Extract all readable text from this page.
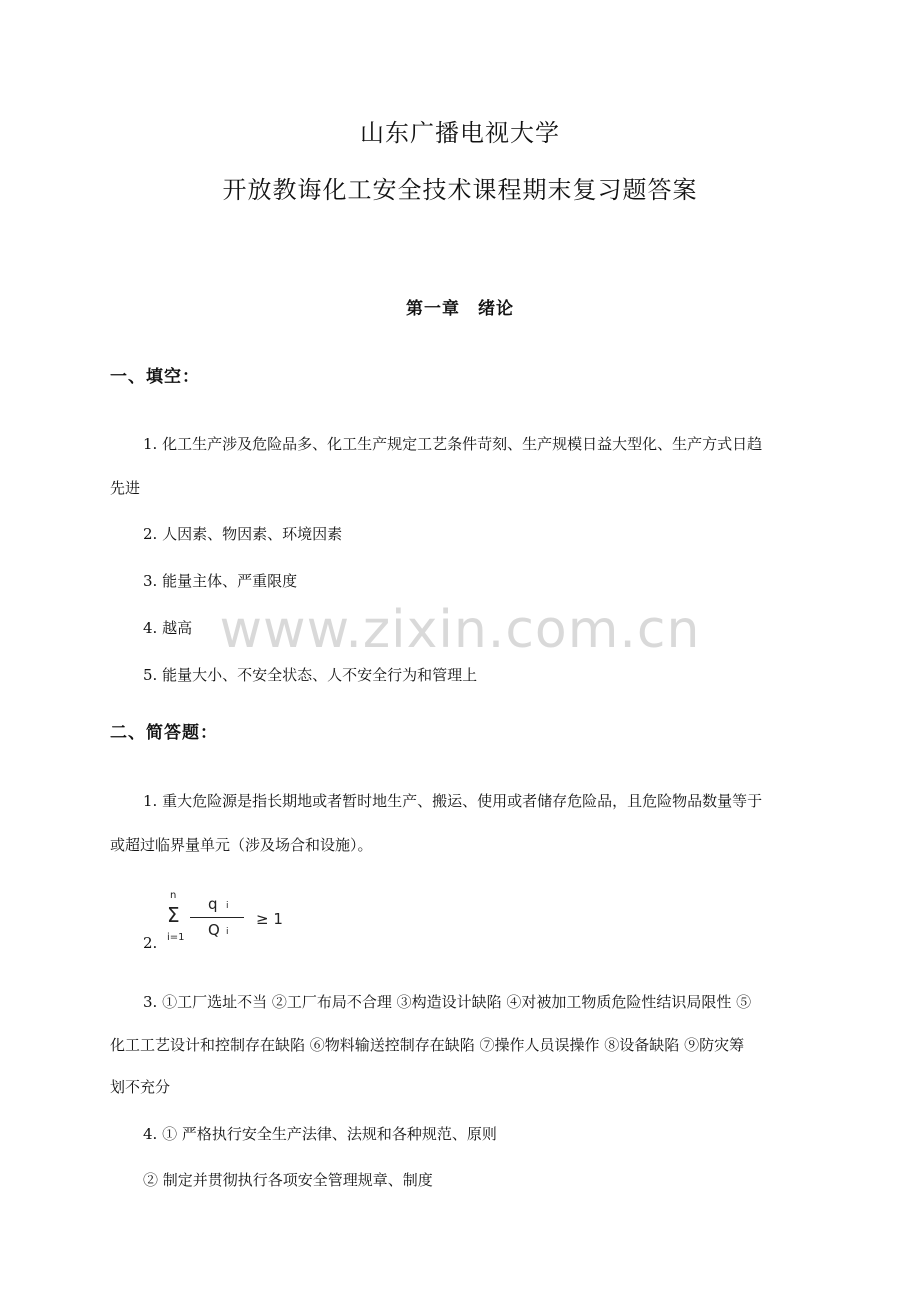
山东广播电视大学
开放教诲化工安全技术课程期末复习题答案
第一章　绪论
一、填空：
1. 化工生产涉及危险品多、化工生产规定工艺条件苛刻、生产规模日益大型化、生产方式日趋
先进
2. 人因素、物因素、环境因素
3. 能量主体、严重限度
4. 越高
5. 能量大小、不安全状态、人不安全行为和管理上
二、简答题：
1. 重大危险源是指长期地或者暂时地生产、搬运、使用或者储存危险品，且危险物品数量等于
或超过临界量单元（涉及场合和设施）。
2.
n
Σ
i=1
q i
Q i
≥ 1
3. ①工厂选址不当 ②工厂布局不合理 ③构造设计缺陷 ④对被加工物质危险性结识局限性 ⑤
化工工艺设计和控制存在缺陷 ⑥物料输送控制存在缺陷 ⑦操作人员误操作 ⑧设备缺陷 ⑨防灾筹
划不充分
4. ① 严格执行安全生产法律、法规和各种规范、原则
② 制定并贯彻执行各项安全管理规章、制度
www.zixin.com.cn
